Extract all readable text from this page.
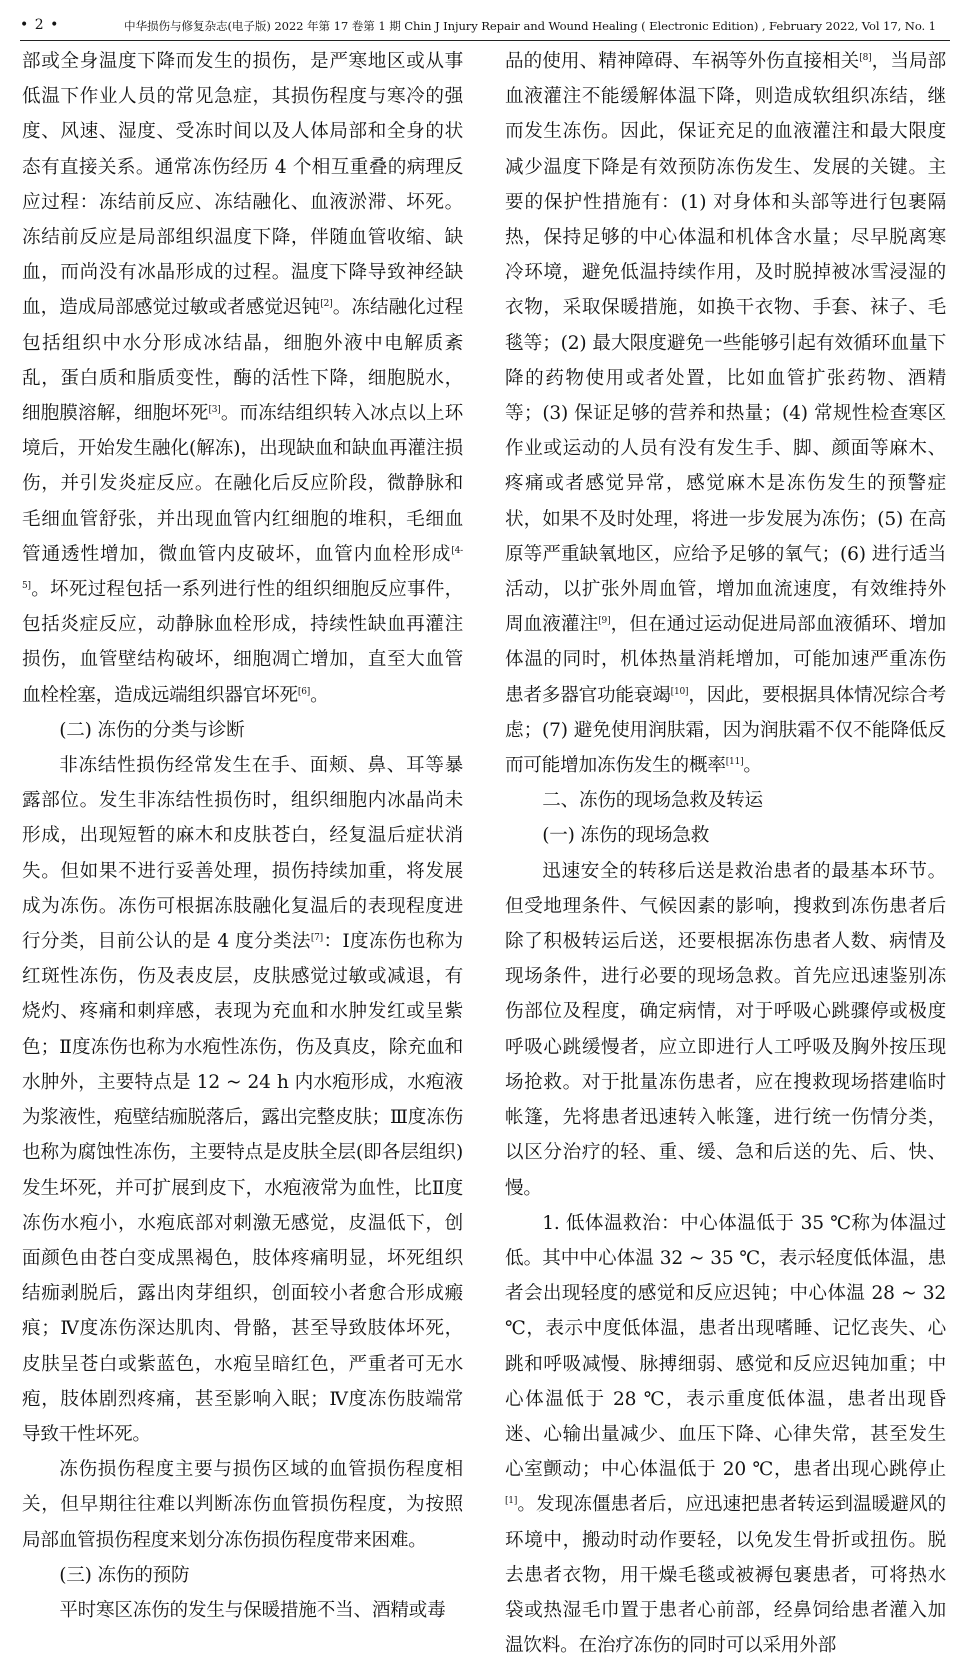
• 2 •	中华损伤与修复杂志(电子版) 2022 年第 17 卷第 1 期 Chin J Injury Repair and Wound Healing ( Electronic Edition) , February 2022, Vol 17, No. 1

部或全身温度下降而发生的损伤，是严寒地区或从事低温下作业人员的常见急症，其损伤程度与寒冷的强度、风速、湿度、受冻时间以及人体局部和全身的状态有直接关系。通常冻伤经历 4 个相互重叠的病理反应过程：冻结前反应、冻结融化、血液淤滞、坏死。冻结前反应是局部组织温度下降，伴随血管收缩、缺血，而尚没有冰晶形成的过程。温度下降导致神经缺血，造成局部感觉过敏或者感觉迟钝[2]。冻结融化过程包括组织中水分形成冰结晶，细胞外液中电解质紊乱，蛋白质和脂质变性，酶的活性下降，细胞脱水，细胞膜溶解，细胞坏死[3]。而冻结组织转入冰点以上环境后，开始发生融化(解冻)，出现缺血和缺血再灌注损伤，并引发炎症反应。在融化后反应阶段，微静脉和毛细血管舒张，并出现血管内红细胞的堆积，毛细血管通透性增加，微血管内皮破坏，血管内血栓形成[4-5]。坏死过程包括一系列进行性的组织细胞反应事件，包括炎症反应，动静脉血栓形成，持续性缺血再灌注损伤，血管壁结构破坏，细胞凋亡增加，直至大血管血栓栓塞，造成远端组织器官坏死[6]。

(二) 冻伤的分类与诊断

非冻结性损伤经常发生在手、面颊、鼻、耳等暴露部位。发生非冻结性损伤时，组织细胞内冰晶尚未形成，出现短暂的麻木和皮肤苍白，经复温后症状消失。但如果不进行妥善处理，损伤持续加重，将发展成为冻伤。冻伤可根据冻肢融化复温后的表现程度进行分类，目前公认的是 4 度分类法[7]：Ⅰ度冻伤也称为红斑性冻伤，伤及表皮层，皮肤感觉过敏或减退，有烧灼、疼痛和刺痒感，表现为充血和水肿发红或呈紫色；Ⅱ度冻伤也称为水疱性冻伤，伤及真皮，除充血和水肿外，主要特点是 12 ~ 24 h 内水疱形成，水疱液为浆液性，疱壁结痂脱落后，露出完整皮肤；Ⅲ度冻伤也称为腐蚀性冻伤，主要特点是皮肤全层(即各层组织)发生坏死，并可扩展到皮下，水疱液常为血性，比Ⅱ度冻伤水疱小，水疱底部对刺激无感觉，皮温低下，创面颜色由苍白变成黑褐色，肢体疼痛明显，坏死组织结痂剥脱后，露出肉芽组织，创面较小者愈合形成瘢痕；Ⅳ度冻伤深达肌肉、骨骼，甚至导致肢体坏死，皮肤呈苍白或紫蓝色，水疱呈暗红色，严重者可无水疱，肢体剧烈疼痛，甚至影响入眠；Ⅳ度冻伤肢端常导致干性坏死。

冻伤损伤程度主要与损伤区域的血管损伤程度相关，但早期往往难以判断冻伤血管损伤程度，为按照局部血管损伤程度来划分冻伤损伤程度带来困难。

(三) 冻伤的预防

平时寒区冻伤的发生与保暖措施不当、酒精或毒

品的使用、精神障碍、车祸等外伤直接相关[8]，当局部血液灌注不能缓解体温下降，则造成软组织冻结，继而发生冻伤。因此，保证充足的血液灌注和最大限度减少温度下降是有效预防冻伤发生、发展的关键。主要的保护性措施有：(1) 对身体和头部等进行包裹隔热，保持足够的中心体温和机体含水量；尽早脱离寒冷环境，避免低温持续作用，及时脱掉被冰雪浸湿的衣物，采取保暖措施，如换干衣物、手套、袜子、毛毯等；(2) 最大限度避免一些能够引起有效循环血量下降的药物使用或者处置，比如血管扩张药物、酒精等；(3) 保证足够的营养和热量；(4) 常规性检查寒区作业或运动的人员有没有发生手、脚、颜面等麻木、疼痛或者感觉异常，感觉麻木是冻伤发生的预警症状，如果不及时处理，将进一步发展为冻伤；(5) 在高原等严重缺氧地区，应给予足够的氧气；(6) 进行适当活动，以扩张外周血管，增加血流速度，有效维持外周血液灌注[9]，但在通过运动促进局部血液循环、增加体温的同时，机体热量消耗增加，可能加速严重冻伤患者多器官功能衰竭[10]，因此，要根据具体情况综合考虑；(7) 避免使用润肤霜，因为润肤霜不仅不能降低反而可能增加冻伤发生的概率[11]。

二、冻伤的现场急救及转运

(一) 冻伤的现场急救

迅速安全的转移后送是救治患者的最基本环节。但受地理条件、气候因素的影响，搜救到冻伤患者后除了积极转运后送，还要根据冻伤患者人数、病情及现场条件，进行必要的现场急救。首先应迅速鉴别冻伤部位及程度，确定病情，对于呼吸心跳骤停或极度呼吸心跳缓慢者，应立即进行人工呼吸及胸外按压现场抢救。对于批量冻伤患者，应在搜救现场搭建临时帐篷，先将患者迅速转入帐篷，进行统一伤情分类，以区分治疗的轻、重、缓、急和后送的先、后、快、慢。

1. 低体温救治：中心体温低于 35 ℃称为体温过低。其中中心体温 32 ~ 35 ℃，表示轻度低体温，患者会出现轻度的感觉和反应迟钝；中心体温 28 ~ 32 ℃，表示中度低体温，患者出现嗜睡、记忆丧失、心跳和呼吸减慢、脉搏细弱、感觉和反应迟钝加重；中心体温低于 28 ℃，表示重度低体温，患者出现昏迷、心输出量减少、血压下降、心律失常，甚至发生心室颤动；中心体温低于 20 ℃，患者出现心跳停止[1]。发现冻僵患者后，应迅速把患者转运到温暖避风的环境中，搬动时动作要轻，以免发生骨折或扭伤。脱去患者衣物，用干燥毛毯或被褥包裹患者，可将热水袋或热湿毛巾置于患者心前部，经鼻饲给患者灌入加温饮料。在治疗冻伤的同时可以采用外部
